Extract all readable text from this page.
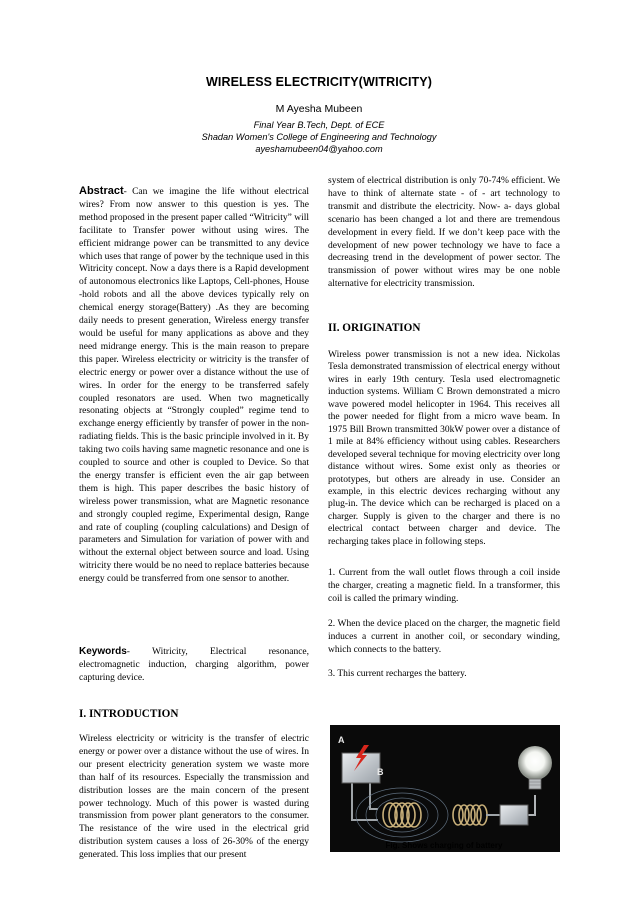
WIRELESS ELECTRICITY(WITRICITY)
M Ayesha Mubeen
Final Year B.Tech, Dept. of ECE
Shadan Women's College of Engineering and Technology
ayeshamubeen04@yahoo.com

Abstract- Can we imagine the life without electrical wires? From now answer to this question is yes. The method proposed in the present paper called “Witricity” will facilitate to Transfer power without using wires. The efficient midrange power can be transmitted to any device which uses that range of power by the technique used in this Witricity concept. Now a days there is a Rapid development of autonomous electronics like Laptops, Cell-phones, House -hold robots and all the above devices typically rely on chemical energy storage(Battery) .As they are becoming daily needs to present generation, Wireless energy transfer would be useful for many applications as above and they need midrange energy. This is the main reason to prepare this paper. Wireless electricity or witricity is the transfer of electric energy or power over a distance without the use of wires. In order for the energy to be transferred safely coupled resonators are used. When two magnetically resonating objects at “Strongly coupled” regime tend to exchange energy efficiently by transfer of power in the non-radiating fields. This is the basic principle involved in it. By taking two coils having same magnetic resonance and one is coupled to source and other is coupled to Device. So that the energy transfer is efficient even the air gap between them is high. This paper describes the basic history of wireless power transmission, what are Magnetic resonance and strongly coupled regime, Experimental design, Range and rate of coupling (coupling calculations) and Design of parameters and Simulation for variation of power with and without the external object between source and load. Using witricity there would be no need to replace batteries because energy could be transferred from one sensor to another.

Keywords- Witricity, Electrical resonance, electromagnetic induction, charging algorithm, power capturing device.

I. INTRODUCTION

Wireless electricity or witricity is the transfer of electric energy or power over a distance without the use of wires. In our present electricity generation system we waste more than half of its resources. Especially the transmission and distribution losses are the main concern of the present power technology. Much of this power is wasted during transmission from power plant generators to the consumer. The resistance of the wire used in the electrical grid distribution system causes a loss of 26-30% of the energy generated. This loss implies that our present

system of electrical distribution is only 70-74% efficient. We have to think of alternate state - of - art technology to transmit and distribute the electricity. Now- a- days global scenario has been changed a lot and there are tremendous development in every field. If we don’t keep pace with the development of new power technology we have to face a decreasing trend in the development of power sector. The transmission of power without wires may be one noble alternative for electricity transmission.

II. ORIGINATION

Wireless power transmission is not a new idea. Nickolas Tesla demonstrated transmission of electrical energy without wires in early 19th century. Tesla used electromagnetic induction systems. William C Brown demonstrated a micro wave powered model helicopter in 1964. This receives all the power needed for flight from a micro wave beam. In 1975 Bill Brown transmitted 30kW power over a distance of 1 mile at 84% efficiency without using cables. Researchers developed several technique for moving electricity over long distance without wires. Some exist only as theories or prototypes, but others are already in use. Consider an example, in this electric devices recharging without any plug-in. The device which can be recharged is placed on a charger. Supply is given to the charger and there is no electrical contact between charger and device. The recharging takes place in following steps.

1. Current from the wall outlet flows through a coil inside the charger, creating a magnetic field. In a transformer, this coil is called the primary winding.

2. When the device placed on the charger, the magnetic field induces a current in another coil, or secondary winding, which connects to the battery.

3. This current recharges the battery.

A
B
Fig. Shows charging of battery
